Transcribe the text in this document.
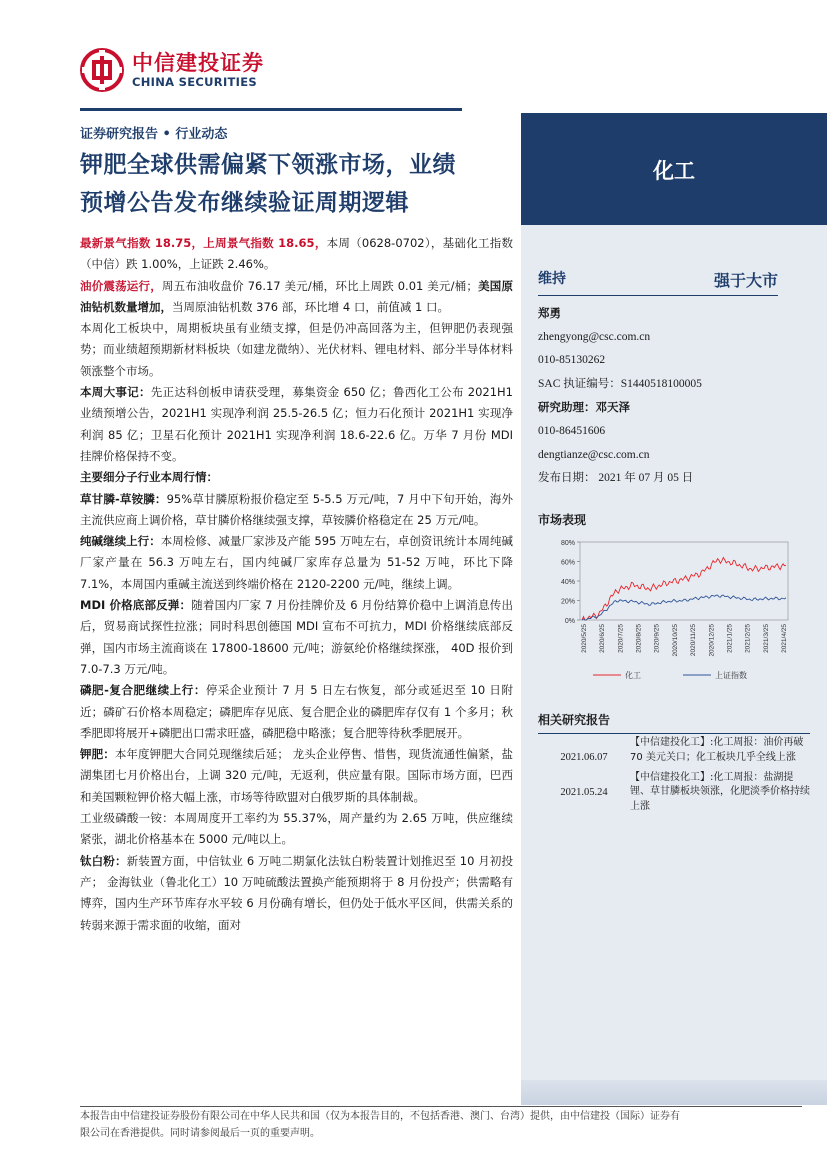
中信建投证券
CHINA SECURITIES
化工
证券研究报告 • 行业动态
钾肥全球供需偏紧下领涨市场，业绩
预增公告发布继续验证周期逻辑

最新景气指数 18.75，上周景气指数 18.65，本周（0628-0702），基础化工指数（中信）跌 1.00%，上证跌 2.46%。

油价震荡运行，周五布油收盘价 76.17 美元/桶，环比上周跌 0.01 美元/桶；美国原油钻机数量增加，当周原油钻机数 376 部，环比增 4 口，前值减 1 口。

本周化工板块中，周期板块虽有业绩支撑，但是仍冲高回落为主，但钾肥仍表现强势；而业绩超预期新材料板块（如建龙微纳）、光伏材料、锂电材料、部分半导体材料领涨整个市场。

本周大事记：先正达科创板申请获受理，募集资金 650 亿；鲁西化工公布 2021H1 业绩预增公告，2021H1 实现净利润 25.5-26.5 亿；恒力石化预计 2021H1 实现净利润 85 亿；卫星石化预计 2021H1 实现净利润 18.6-22.6 亿。万华 7 月份 MDI 挂牌价格保持不变。

主要细分子行业本周行情：

草甘膦-草铵膦：95%草甘膦原粉报价稳定至 5-5.5 万元/吨，7 月中下旬开始，海外主流供应商上调价格，草甘膦价格继续强支撑，草铵膦价格稳定在 25 万元/吨。

纯碱继续上行：本周检修、减量厂家涉及产能 595 万吨左右，卓创资讯统计本周纯碱厂家产量在 56.3 万吨左右，国内纯碱厂家库存总量为 51-52 万吨，环比下降 7.1%，本周国内重碱主流送到终端价格在 2120-2200 元/吨，继续上调。

MDI 价格底部反弹：随着国内厂家 7 月份挂牌价及 6 月份结算价稳中上调消息传出后，贸易商试探性拉涨；同时科思创德国 MDI 宣布不可抗力，MDI 价格继续底部反弹，国内市场主流商谈在 17800-18600 元/吨；游氨纶价格继续探涨， 40D 报价到 7.0-7.3 万元/吨。

磷肥-复合肥继续上行：停采企业预计 7 月 5 日左右恢复，部分或延迟至 10 日附近；磷矿石价格本周稳定；磷肥库存见底、复合肥企业的磷肥库存仅有 1 个多月；秋季肥即将展开+磷肥出口需求旺盛，磷肥稳中略涨；复合肥等待秋季肥展开。

钾肥：本年度钾肥大合同兑现继续后延； 龙头企业停售、惜售，现货流通性偏紧，盐湖集团七月价格出台，上调 320 元/吨，无返利，供应量有限。国际市场方面，巴西和美国颗粒钾价格大幅上涨，市场等待欧盟对白俄罗斯的具体制裁。

工业级磷酸一铵：本周周度开工率约为 55.37%，周产量约为 2.65 万吨，供应继续紧张，湖北价格基本在 5000 元/吨以上。

钛白粉：新装置方面，中信钛业 6 万吨二期氯化法钛白粉装置计划推迟至 10 月初投产； 金海钛业（鲁北化工）10 万吨硫酸法置换产能预期将于 8 月份投产；供需略有博弈，国内生产环节库存水平较 6 月份确有增长，但仍处于低水平区间，供需关系的转弱来源于需求面的收缩，面对

维持	强于大市
郑勇
zhengyong@csc.com.cn
010-85130262
SAC 执证编号：S1440518100005
研究助理：邓天泽
010-86451606
dengtianze@csc.com.cn
发布日期： 2021 年 07 月 05 日
市场表现
0%
20%
40%
60%
80%
2020/5/25 2020/6/25 2020/7/25 2020/8/25 2020/9/25 2020/10/25 2020/11/25 2020/12/25 2021/1/25 2021/2/25 2021/3/25 2021/4/25
化工	上证指数
相关研究报告
2021.06.07
【中信建投化工】:化工周报：油价再破 70 美元关口；化工板块几乎全线上涨
2021.05.24
【中信建投化工】:化工周报：盐湖提锂、草甘膦板块领涨，化肥淡季价格持续上涨
本报告由中信建投证券股份有限公司在中华人民共和国（仅为本报告目的，不包括香港、澳门、台湾）提供，由中信建投（国际）证券有
限公司在香港提供。同时请参阅最后一页的重要声明。
